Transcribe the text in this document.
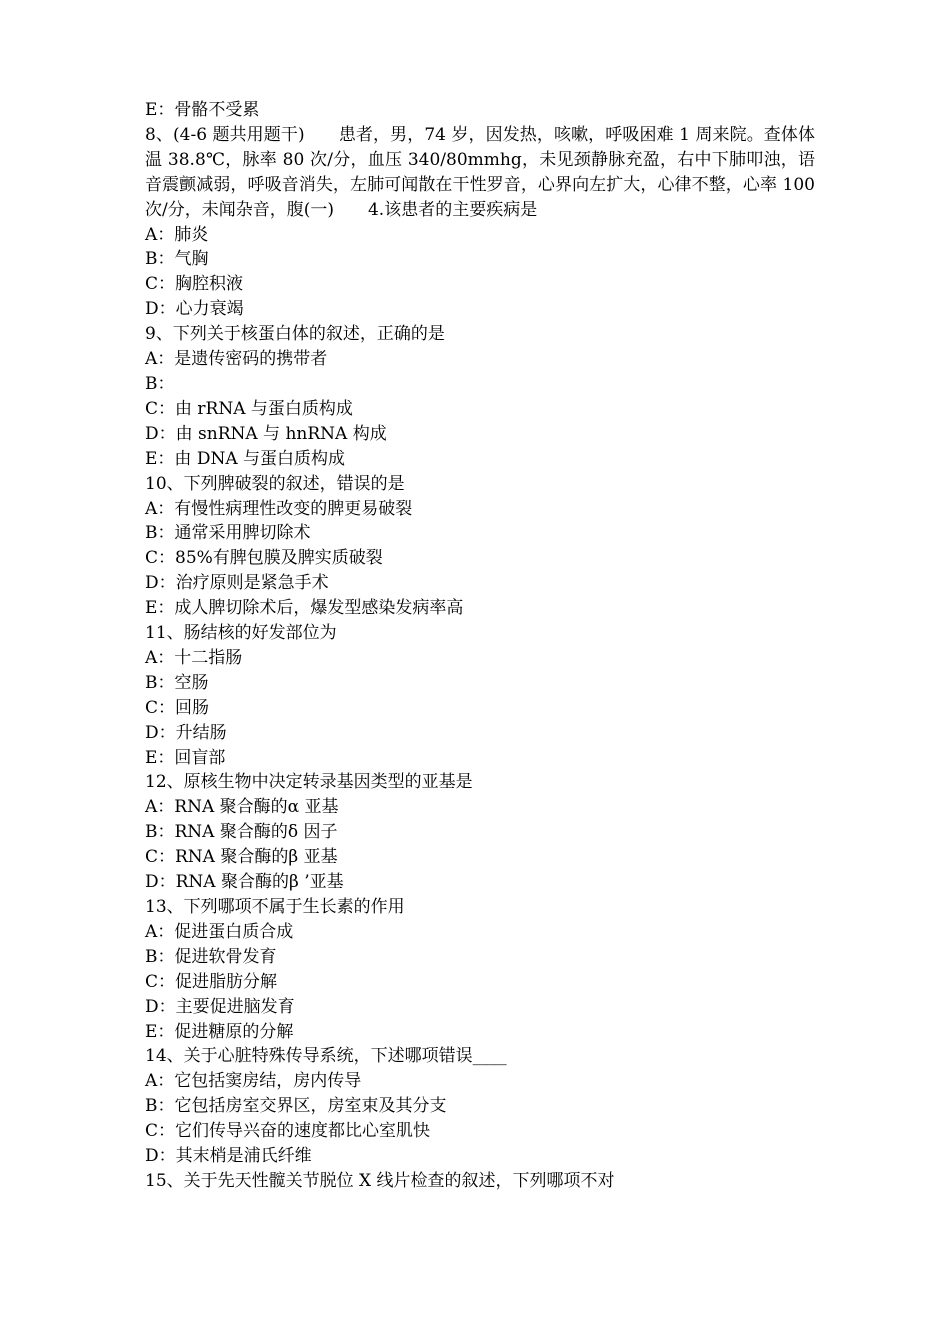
E：骨骼不受累

8、(4-6 题共用题干)　　患者，男，74 岁，因发热，咳嗽，呼吸困难 1 周来院。查体体温 38.8℃，脉率 80 次/分，血压 340/80mmhg，未见颈静脉充盈，右中下肺叩浊，语音震颤减弱，呼吸音消失，左肺可闻散在干性罗音，心界向左扩大，心律不整，心率 100 次/分，未闻杂音，腹(一)　　4.该患者的主要疾病是

A：肺炎

B：气胸

C：胸腔积液

D：心力衰竭

9、下列关于核蛋白体的叙述，正确的是

A：是遗传密码的携带者

B：

C：由 rRNA 与蛋白质构成

D：由 snRNA 与 hnRNA 构成

E：由 DNA 与蛋白质构成

10、下列脾破裂的叙述，错误的是

A：有慢性病理性改变的脾更易破裂

B：通常采用脾切除术

C：85%有脾包膜及脾实质破裂

D：治疗原则是紧急手术

E：成人脾切除术后，爆发型感染发病率高

11、肠结核的好发部位为

A：十二指肠

B：空肠

C：回肠

D：升结肠

E：回盲部

12、原核生物中决定转录基因类型的亚基是

A：RNA 聚合酶的α 亚基

B：RNA 聚合酶的δ 因子

C：RNA 聚合酶的β 亚基

D：RNA 聚合酶的β ’亚基

13、下列哪项不属于生长素的作用

A：促进蛋白质合成

B：促进软骨发育

C：促进脂肪分解

D：主要促进脑发育

E：促进糖原的分解

14、关于心脏特殊传导系统，下述哪项错误____

A：它包括窦房结，房内传导

B：它包括房室交界区，房室束及其分支

C：它们传导兴奋的速度都比心室肌快

D：其末梢是浦氏纤维

15、关于先天性髋关节脱位 X 线片检查的叙述，下列哪项不对
